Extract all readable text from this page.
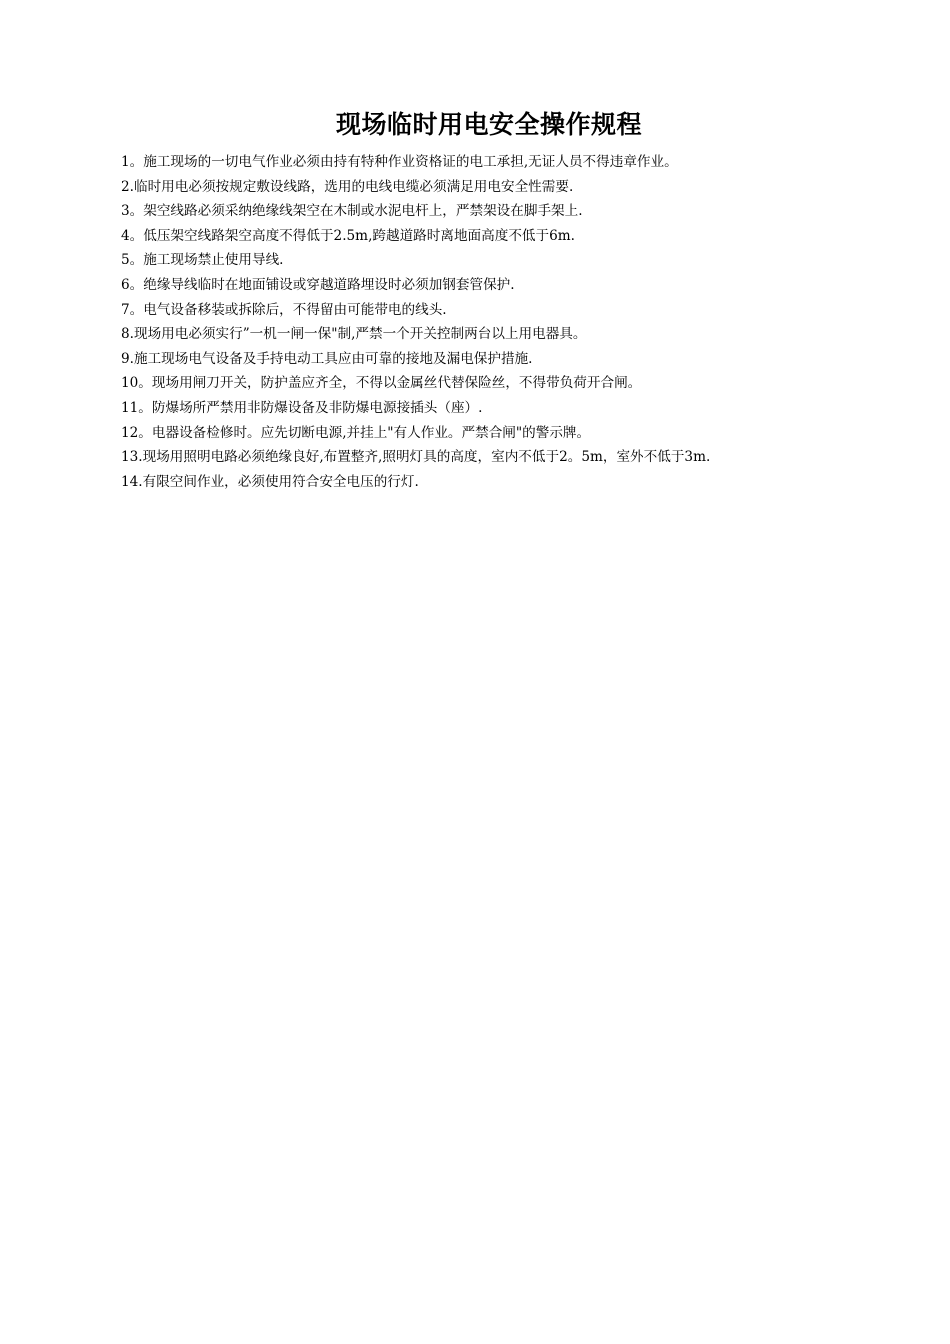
现场临时用电安全操作规程
1。施工现场的一切电气作业必须由持有特种作业资格证的电工承担,无证人员不得违章作业。
2.临时用电必须按规定敷设线路，选用的电线电缆必须满足用电安全性需要.
3。架空线路必须采纳绝缘线架空在木制或水泥电杆上，严禁架设在脚手架上.
4。低压架空线路架空高度不得低于2.5m,跨越道路时离地面高度不低于6m.
5。施工现场禁止使用导线.
6。绝缘导线临时在地面铺设或穿越道路埋设时必须加钢套管保护.
7。电气设备移装或拆除后，不得留由可能带电的线头.
8.现场用电必须实行”一机一闸一保"制,严禁一个开关控制两台以上用电器具。
9.施工现场电气设备及手持电动工具应由可靠的接地及漏电保护措施.
10。现场用闸刀开关，防护盖应齐全，不得以金属丝代替保险丝，不得带负荷开合闸。
11。防爆场所严禁用非防爆设备及非防爆电源接插头（座）.
12。电器设备检修时。应先切断电源,并挂上"有人作业。严禁合闸"的警示牌。
13.现场用照明电路必须绝缘良好,布置整齐,照明灯具的高度，室内不低于2。5m，室外不低于3m.
14.有限空间作业，必须使用符合安全电压的行灯.
